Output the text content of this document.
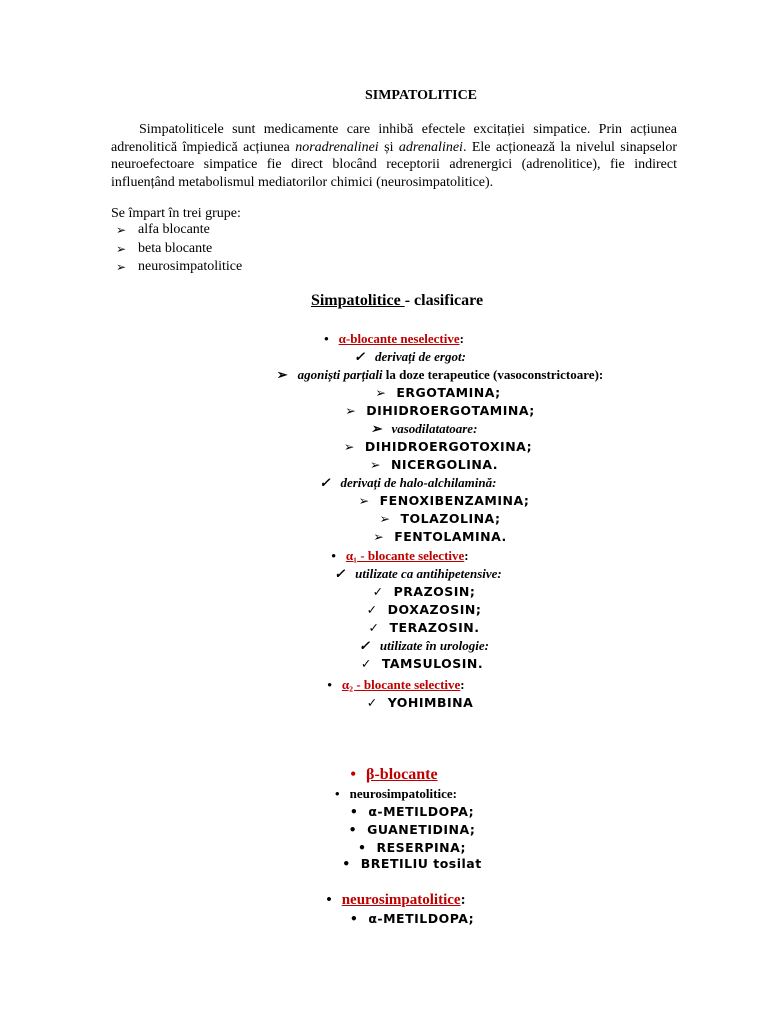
SIMPATOLITICE
Simpatoliticele sunt medicamente care inhibă efectele excitației simpatice. Prin acțiunea adrenolitică împiedică acțiunea noradrenalinei și adrenalinei. Ele acționează la nivelul sinapselor neuroefectoare simpatice fie direct blocând receptorii adrenergici (adrenolitice), fie indirect influențând metabolismul mediatorilor chimici (neurosimpatolitice).
Se împart în trei grupe:
➢ alfa blocante
➢ beta blocante
➢ neurosimpatolitice
Simpatolitice - clasificare
• α-blocante neselective:
✓ derivați de ergot:
➢ agoniști parțiali la doze terapeutice (vasoconstrictoare):
➢ ERGOTAMINA;
➢ DIHIDROERGOTAMINA;
➢ vasodilatatoare:
➢ DIHIDROERGOTOXINA;
➢ NICERGOLINA.
✓ derivați de halo-alchilamină:
➢ FENOXIBENZAMINA;
➢ TOLAZOLINA;
➢ FENTOLAMINA.
• α₁ - blocante selective:
✓ utilizate ca antihipetensive:
✓ PRAZOSIN;
✓ DOXAZOSIN;
✓ TERAZOSIN.
✓ utilizate în urologie:
✓ TAMSULOSIN.
• α₂ - blocante selective:
✓ YOHIMBINA
• β-blocante
• neurosimpatolitice:
• α-METILDOPA;
• GUANETIDINA;
• RESERPINA;
• BRETILIU tosilat
• neurosimpatolitice:
• α-METILDOPA;
